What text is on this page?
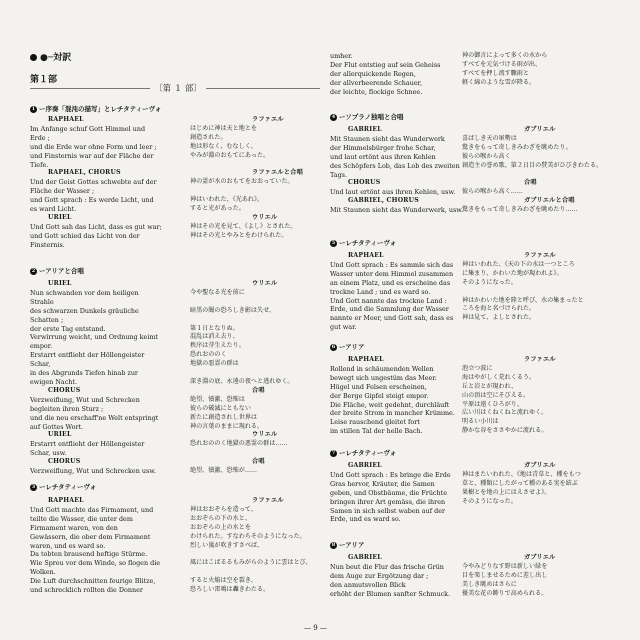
●─対訳
第１部
〔第 １ 部〕
1 ー序奏「混沌の描写」とレチタティーヴォ
RAPHAEL
Im Anfange schuf Gott Himmel und
Erde ;
und die Erde war ohne Form und leer ;
und Finsternis war auf der Fläche der
Tiefe.
RAPHAEL, CHORUS
Und der Geist Gottes schwebte auf der
Fläche der Wasser ;
und Gott sprach : Es werde Licht, und
es ward Licht.
URIEL
Und Gott sah das Licht, dass es gut war;
und Gott schied das Licht von der
Finsternis.
ラファエル
はじめに神は天と地とを
創造された。
地は形なく、むなしく、
やみが淵のおもてにあった。

ラファエルと合唱
神の霊が水のおもてをおおっていた。

神はいわれた、《光あれ》。
すると光があった。
ウリエル
神はその光を見て、《よし》とされた。
神はその光とやみとをわけられた。

2 ーアリアと合唱
URIEL
Nun schwanden vor dem heiligen
Strahle
des schwarzen Dunkels gräuliche
Schatten ;
der erste Tag entstand.
Verwirrung weicht, und Ordnung keimt
empor.
Erstarrt entflieht der Höllengeister
Schar,
in des Abgrunds Tiefen hinab zur
ewigen Nacht.
CHORUS
Verzweiflung, Wut und Schrecken
begleiten ihren Sturz ;
und die neu erschaff'ne Welt entspringt
auf Gottes Wort.
URIEL
Erstarrt entflieht der Höllengeister
Schar, usw.
CHORUS
Verzweiflung, Wut und Schrecken usw.
ウリエル
今や聖なる光を前に

暗黒の闇の恐ろしき影は失せ、

第１日となりぬ。
混乱は消え去り、
秩序は芽生えたり。
恐れおののく
地獄の悪霊の群は

深き淵の底、永遠の夜へと逃れゆく。
合唱
絶望、憤激、恐怖は
彼らの破滅にともない
新たに創造されし世界は
神の言葉のままに現れる。
ウリエル
恐れおののく地獄の悪霊の群は……

合唱
絶望、憤激、恐怖が……
3 ーレチタティーヴォ
RAPHAEL
Und Gott machte das Firmament, und
teilte die Wasser, die unter dem
Firmament waren, von den
Gewässern, die ober dem Firmament
waren, und es ward so.
Da tobten brausend heftige Stürme.
Wie Spreu vor dem Winde, so flogen die
Wolken.
Die Luft durchschnitten feurige Blitze,
und schrecklich rollten die Donner
ラファエル
神はおおぞらを造って、
おおぞらの下の水と、
おおぞらの上の水とを
わけられた。すなわちそのようになった。
烈しい嵐が吹きすさべば、

風にはこばるるもみがらのように雲はとび、

すると火焔は空を裂き、
恐ろしい雷鳴は轟きわたる。
umher.
Der Flut entstieg auf sein Geheiss
der allerquickende Regen,
der allverheerende Schauer,
der leichte, flockige Schnee.
神の御言によって多くの水から
すべてを元気づける雨が出、
すべてを押し流す驟雨と
軽く綿のような雪が降る。

4 ーソプラノ独唱と合唱
GABRIEL
Mit Staunen sieht das Wunderwerk
der Himmelsbürger frohe Schar,
und laut ertönt aus ihren Kehlen
des Schöpfers Lob, das Lob des zweiten
Tags.
CHORUS
Und laut ertönt aus ihren Kehlen, usw.
GABRIEL, CHORUS
Mit Staunen sieht das Wunderwerk, usw.
ガブリエル
喜ばしき天の軍勢は
驚きをもって奇しきみわざを眺めたり。
彼らの喉から高く
創造主の誉め歌、第２日目の賛美がひびきわたる。

合唱
彼らの喉から高く……
ガブリエルと合唱
驚きをもって奇しきみわざを眺めたり……
5 ーレチタティーヴォ
RAPHAEL
Und Gott sprach : Es sammle sich das
Wasser unter dem Himmel zusammen
an einem Platz, und es erscheine das
trockne Land ; und es ward so.
Und Gott nannte das trockne Land :
Erde, und die Sammlung der Wasser
nannte er Meer, und Gott sah, dass es
gut war.
ラファエル
神はいわれた、《天の下の水は一つところ
に集まり、かわいた地が現われよ》。
そのようになった。

神はかわいた地を陸と呼び、水の集まったと
ころを海と名づけられた。
神は見て、よしとされた。

6 ーアリア
RAPHAEL
Rollend in schäumenden Wellen
bewegt sich ungestüm das Meer.
Hügel und Felsen erscheinen,
der Berge Gipfel steigt empor.
Die Fläche, weit gedehnt, durchläuft
der breite Strom in mancher Krümme.
Leise rauschend gleitet fort
im stillen Tal der helle Bach.
ラファエル
泡立つ波に
海はやがしく荒れくるう。
丘と岩とが現われ、
山の頂は空にそびえる。
平原は遠くひろがり、
広い川はくねくねと流れゆく。
明るい小川は
静かな谷をささやかに流れる。
7 ーレチタティーヴォ
GABRIEL
Und Gott sprach : Es bringe die Erde
Gras hervor, Kräuter, die Samen
geben, und Obstbäume, die Früchte
bringen ihrer Art gemäss, die ihren
Samen in sich selbst waben auf der
Erde, und es ward so.
ガブリエル
神はまたいわれた、《地は青草と、種をもつ
草と、種類にしたがって種のある実を結ぶ
果樹とを地の上にはえさせよ》。
そのようになった。

8 ーアリア
GABRIEL
Nun beut die Flur das frische Grün
dem Auge zur Ergötzung dar ;
den anmutsvollen Blick
erhöht der Blumen sanfter Schmuck.
ガブリエル
今やみどりなす野は新しい緑を
目を楽しませるために差し出し
美しき眺めはさらに
優美な花の飾りで高められる。
— 9 —
